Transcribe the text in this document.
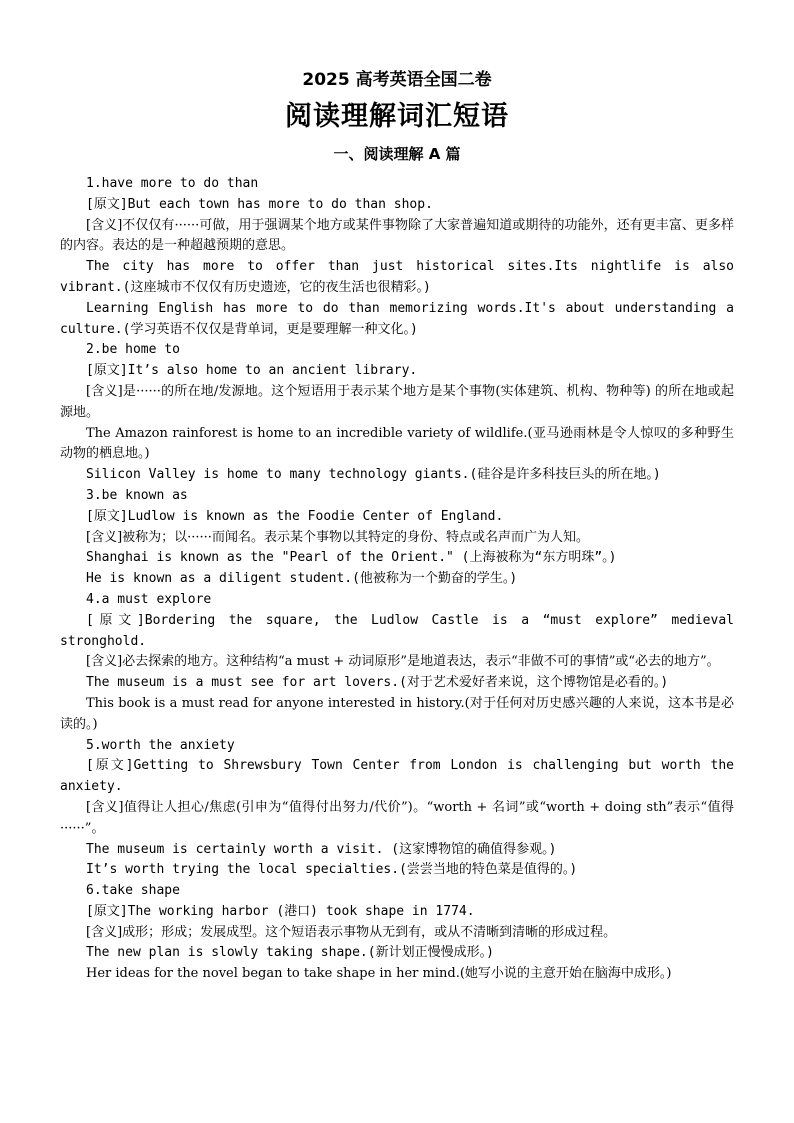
2025 高考英语全国二卷
阅读理解词汇短语
一、阅读理解 A 篇

1.have more to do than

[原文]But each town has more to do than shop.

[含义]不仅仅有······可做，用于强调某个地方或某件事物除了大家普遍知道或期待的功能外，还有更丰富、更多样的内容。表达的是一种超越预期的意思。

The city has more to offer than just historical sites.Its nightlife is also vibrant.(这座城市不仅仅有历史遗迹，它的夜生活也很精彩。)

Learning English has more to do than memorizing words.It's about understanding a culture.(学习英语不仅仅是背单词，更是要理解一种文化。)

2.be home to

[原文]It’s also home to an ancient library.

[含义]是······的所在地/发源地。这个短语用于表示某个地方是某个事物(实体建筑、机构、物种等) 的所在地或起源地。

The Amazon rainforest is home to an incredible variety of wildlife.(亚马逊雨林是令人惊叹的多种野生动物的栖息地。)

Silicon Valley is home to many technology giants.(硅谷是许多科技巨头的所在地。)

3.be known as

[原文]Ludlow is known as the Foodie Center of England.

[含义]被称为；以······而闻名。表示某个事物以其特定的身份、特点或名声而广为人知。

Shanghai is known as the "Pearl of the Orient." (上海被称为“东方明珠”。)

He is known as a diligent student.(他被称为一个勤奋的学生。)

4.a must explore

[原文]Bordering the square, the Ludlow Castle is a “must explore” medieval stronghold.

[含义]必去探索的地方。这种结构“a must + 动词原形”是地道表达，表示“非做不可的事情”或“必去的地方”。

The museum is a must see for art lovers.(对于艺术爱好者来说，这个博物馆是必看的。)

This book is a must read for anyone interested in history.(对于任何对历史感兴趣的人来说，这本书是必读的。)

5.worth the anxiety

[原文]Getting to Shrewsbury Town Center from London is challenging but worth the anxiety.

[含义]值得让人担心/焦虑(引申为“值得付出努力/代价”)。“worth + 名词”或“worth + doing sth”表示“值得······”。

The museum is certainly worth a visit. (这家博物馆的确值得参观。)

It’s worth trying the local specialties.(尝尝当地的特色菜是值得的。)

6.take shape

[原文]The working harbor (港口) took shape in 1774.

[含义]成形；形成；发展成型。这个短语表示事物从无到有，或从不清晰到清晰的形成过程。

The new plan is slowly taking shape.(新计划正慢慢成形。)

Her ideas for the novel began to take shape in her mind.(她写小说的主意开始在脑海中成形。)
